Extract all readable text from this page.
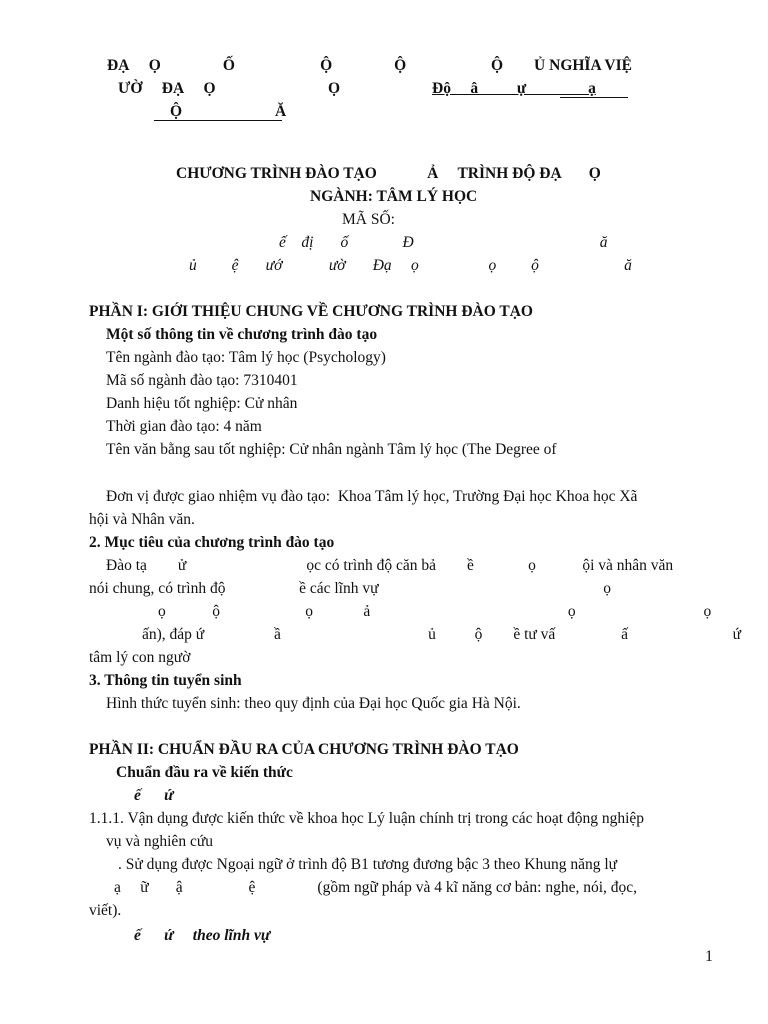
ĐẠ     Ọ                Ố                      Ộ                Ộ	Ộ        Ủ NGHĨA VIỆ
ƯỜ     ĐẠ     Ọ                             Ọ	Độ     â          ự                ạ
Ộ                        Ă
CHƯƠNG TRÌNH ĐÀO TẠO             Ả     TRÌNH ĐỘ ĐẠ       Ọ
NGÀNH: TÂM LÝ HỌC
MÃ SỐ:
ế    đị       ố              Đ                                                ă
ủ         ệ       ướ            ườ       Đạ     ọ                  ọ         ộ                      ă
PHẦN I: GIỚI THIỆU CHUNG VỀ CHƯƠNG TRÌNH ĐÀO TẠO
Một số thông tin về chương trình đào tạo
Tên ngành đào tạo: Tâm lý học (Psychology)
Mã số ngành đào tạo: 7310401
Danh hiệu tốt nghiệp: Cử nhân
Thời gian đào tạo: 4 năm
Tên văn bằng sau tốt nghiệp: Cử nhân ngành Tâm lý học (The Degree of
Đơn vị được giao nhiệm vụ đào tạo:  Khoa Tâm lý học, Trường Đại học Khoa học Xã
hội và Nhân văn.
2. Mục tiêu của chương trình đào tạo
Đào tạ        ử                               ọc có trình độ căn bả        ề              ọ            ội và nhân văn
nói chung, có trình độ                   ề các lĩnh vự                                                          ọ
ọ            ộ                      ọ             ả                                                   ọ                                 ọ
ấn), đáp ứ                  ầ                                      ủ          ộ        ề tư vấ                 ấ                           ứ
tâm lý con ngườ
3. Thông tin tuyển sinh
Hình thức tuyển sinh: theo quy định của Đại học Quốc gia Hà Nội.
PHẦN II: CHUẨN ĐẦU RA CỦA CHƯƠNG TRÌNH ĐÀO TẠO
Chuẩn đầu ra về kiến thức
ế      ứ
1.1.1. Vận dụng được kiến thức về khoa học Lý luận chính trị trong các hoạt động nghiệp
vụ và nghiên cứu
. Sử dụng được Ngoại ngữ ở trình độ B1 tương đương bậc 3 theo Khung năng lự
ạ     ữ       ậ                 ệ                (gồm ngữ pháp và 4 kĩ năng cơ bản: nghe, nói, đọc,
viết).
ế      ứ     theo lĩnh vự
1
